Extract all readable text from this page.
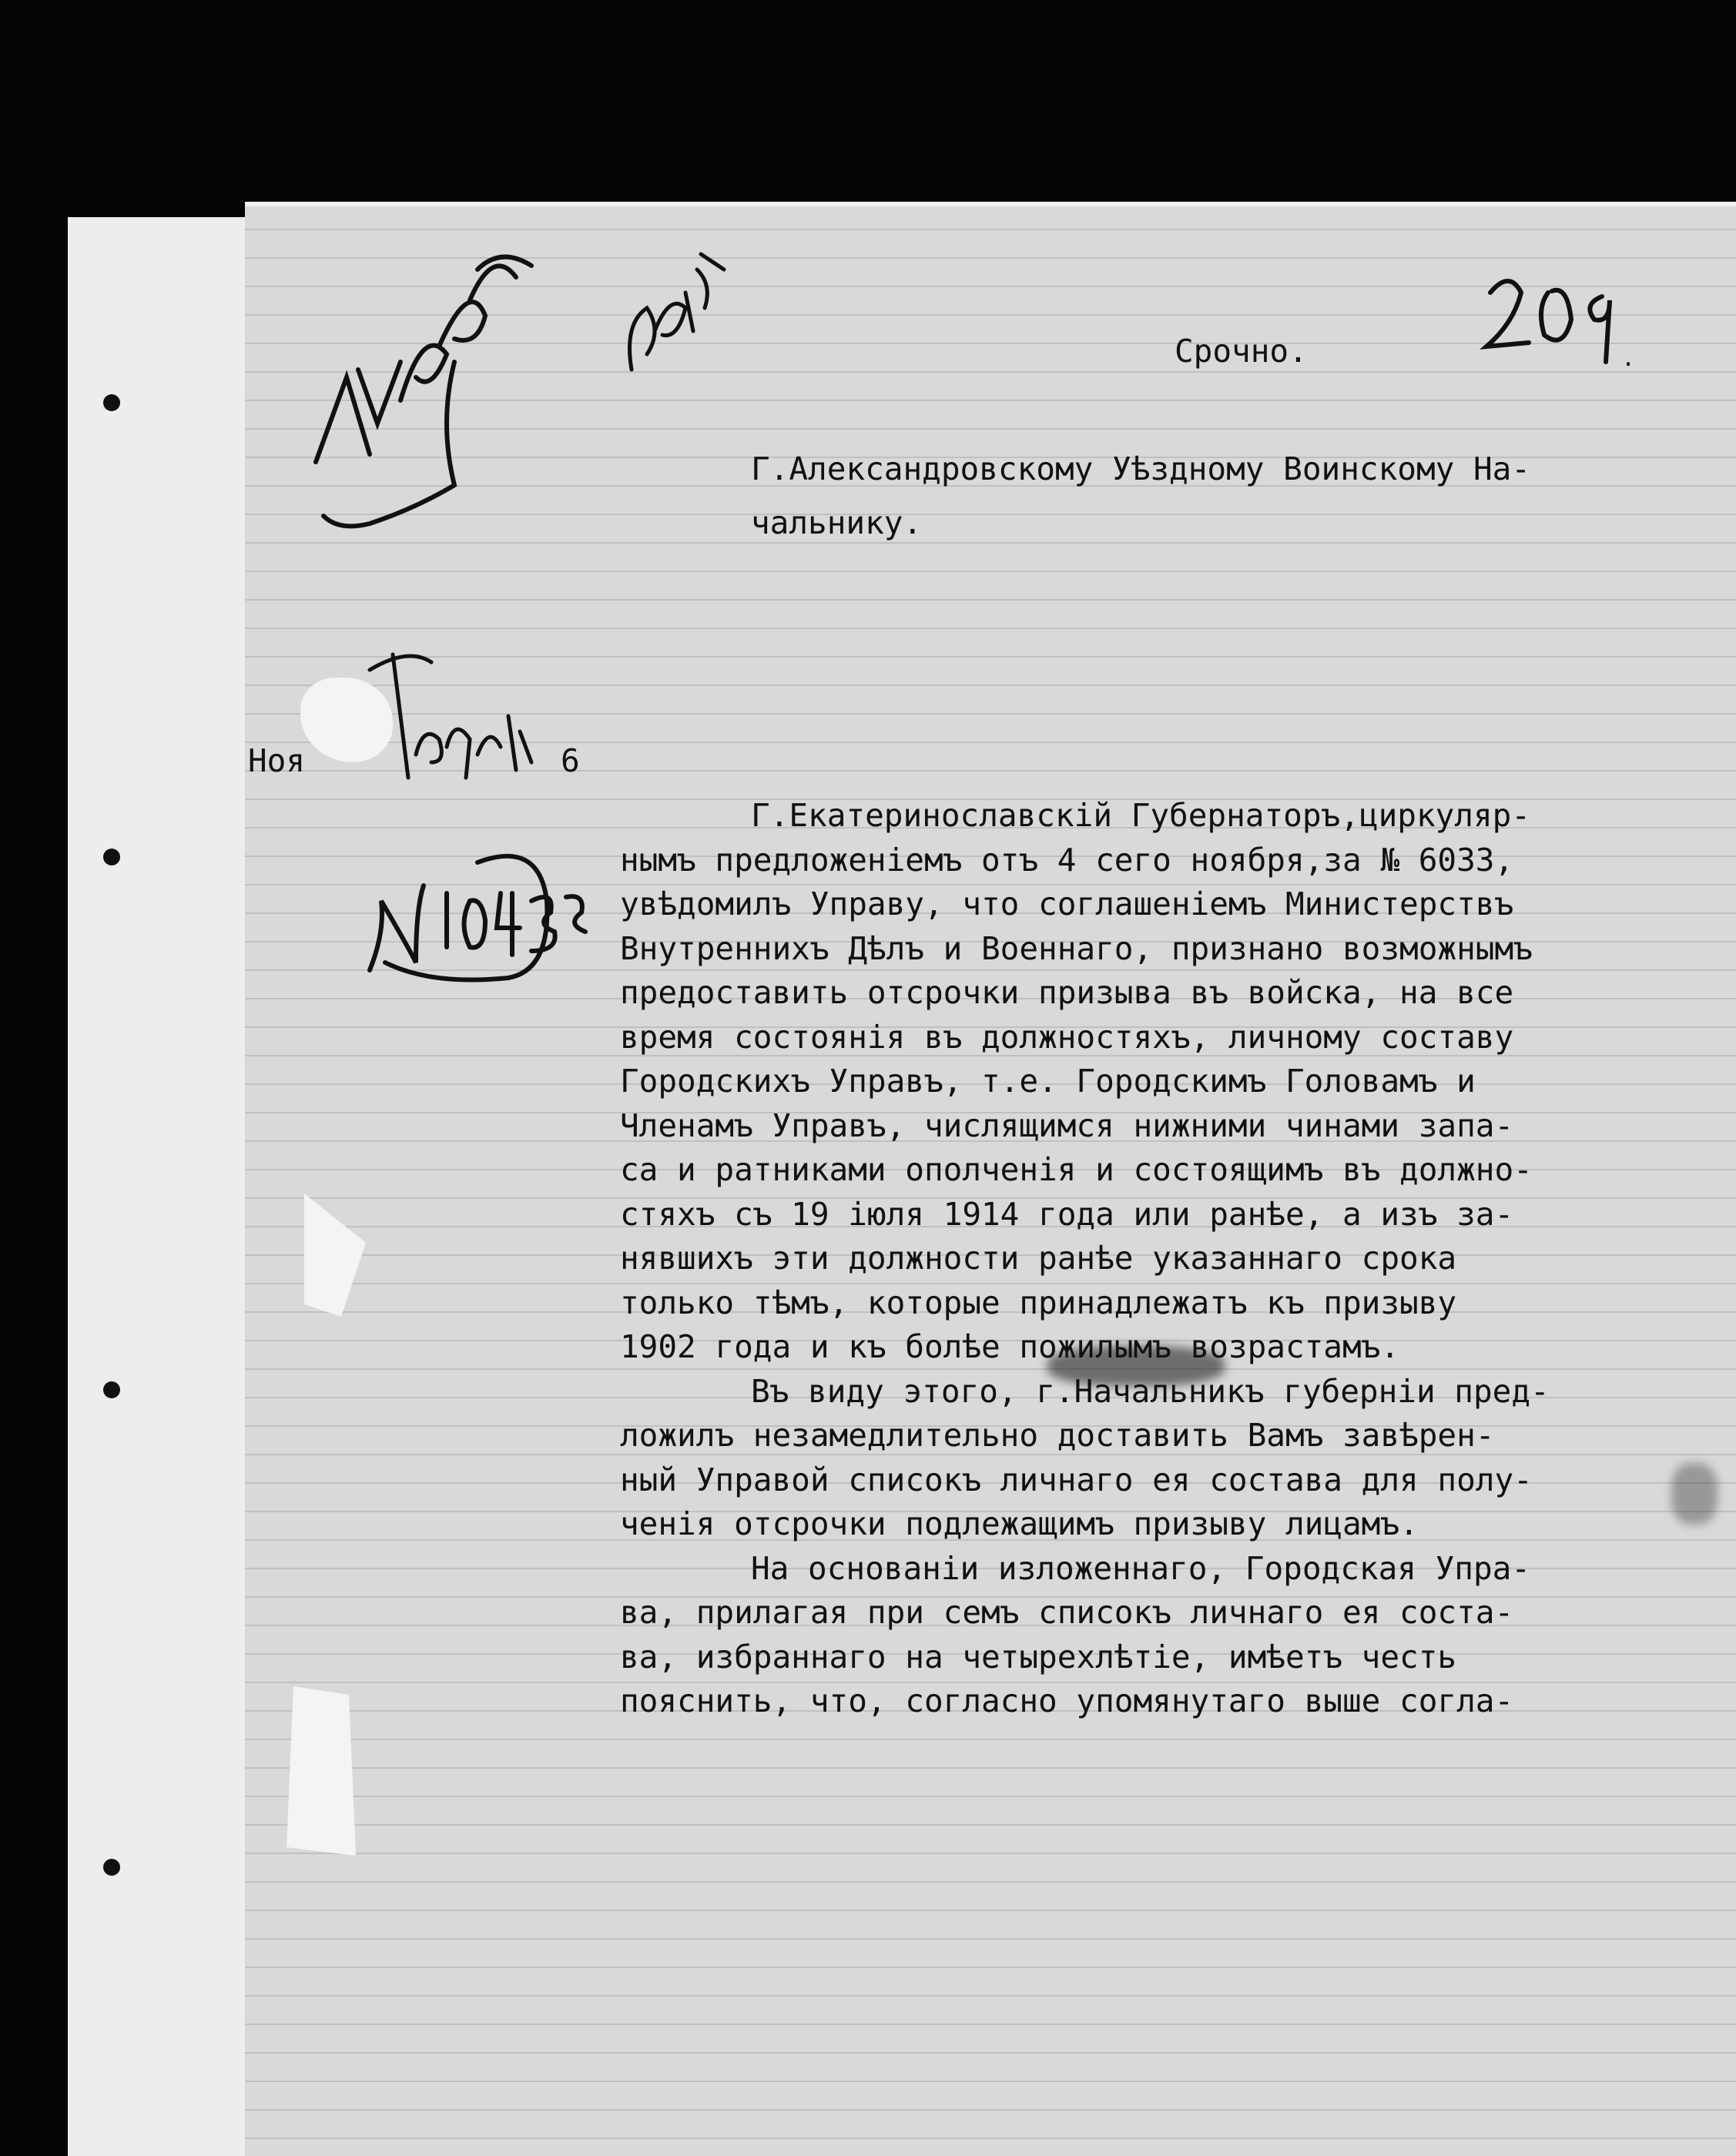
.
Срочно.
Г.Александровскому Уѣздному Воинскому На-
чальнику.
Ноя	6
Г.Екатеринославскій Губернаторъ,циркуляр-
нымъ предложеніемъ отъ 4 сего ноября,за № 6033,
увѣдомилъ Управу, что соглашеніемъ Министерствъ
Внутреннихъ Дѣлъ и Военнаго, признано возможнымъ
предоставить отсрочки призыва въ войска, на все
время состоянія въ должностяхъ, личному составу
Городскихъ Управъ, т.е. Городскимъ Головамъ и
Членамъ Управъ, числящимся нижними чинами запа-
са и ратниками ополченія и состоящимъ въ должно-
стяхъ съ 19 іюля 1914 года или ранѣе, а изъ за-
нявшихъ эти должности ранѣе указаннаго срока
только тѣмъ, которые принадлежатъ къ призыву
1902 года и къ болѣе пожилымъ возрастамъ.
Въ виду этого, г.Начальникъ губерніи пред-
ложилъ незамедлительно доставить Вамъ завѣрен-
ный Управой списокъ личнаго ея состава для полу-
ченія отсрочки подлежащимъ призыву лицамъ.
На основаніи изложеннаго, Городская Упра-
ва, прилагая при семъ списокъ личнаго ея соста-
ва, избраннаго на четырехлѣтіе, имѣетъ честь
пояснить, что, согласно упомянутаго выше согла-
